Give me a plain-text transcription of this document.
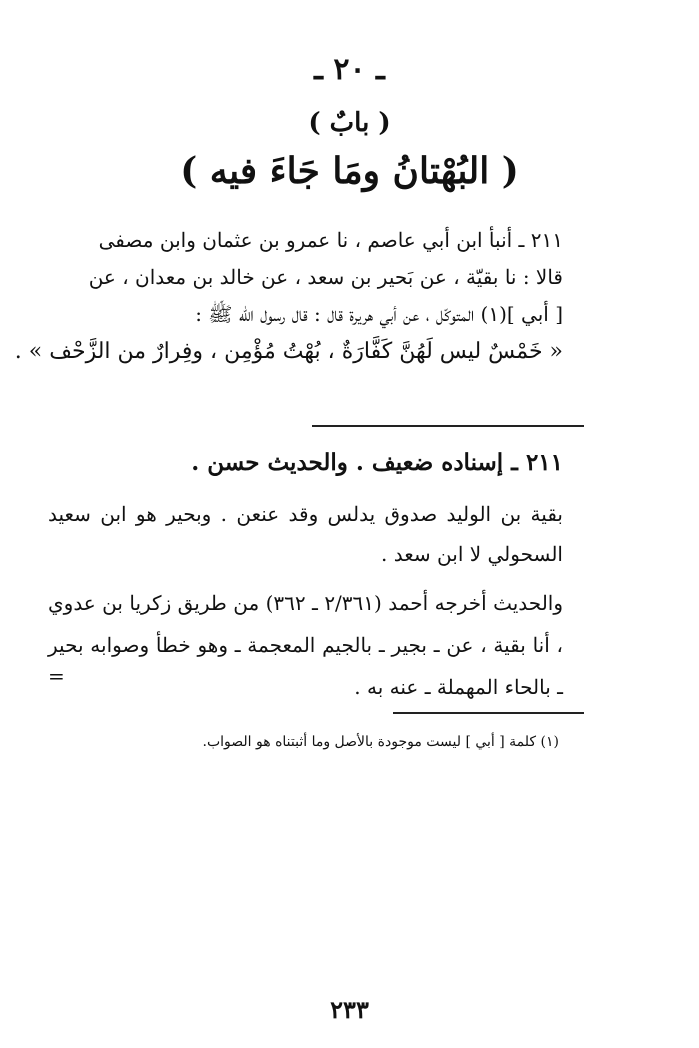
ـ ٢٠ ـ
( بابٌ )
( البُهْتانُ ومَا جَاءَ فيه )
٢١١ ـ أنبأ ابن أبي عاصم ، نا عمرو بن عثمان وابن مصفى
قالا : نا بقيّة ، عن بَحير بن سعد ، عن خالد بن معدان ، عن
[ أبي ](١) المتوكّل ، عن أبي هريرة قال : قال رسول الله ﷺ :
« خَمْسٌ ليس لَهُنَّ كَفَّارَةٌ ، بُهْتُ مُؤْمِن ، وفِرارٌ من الزَّحْف » .
٢١١ ـ إسناده ضعيف . والحديث حسن .
بقية بن الوليد صدوق يدلس وقد عنعن . وبحير هو ابن سعيد السحولي لا ابن سعد .
والحديث أخرجه أحمد (٢/٣٦١ ـ ٣٦٢) من طريق زكريا بن عدوي ، أنا بقية ، عن ـ بجير ـ بالجيم المعجمة ـ وهو خطأ وصوابه بحير ـ بالحاء المهملة ـ عنه به .
=
(١) كلمة [ أبي ] ليست موجودة بالأصل وما أثبتناه هو الصواب.
٢٣٣
